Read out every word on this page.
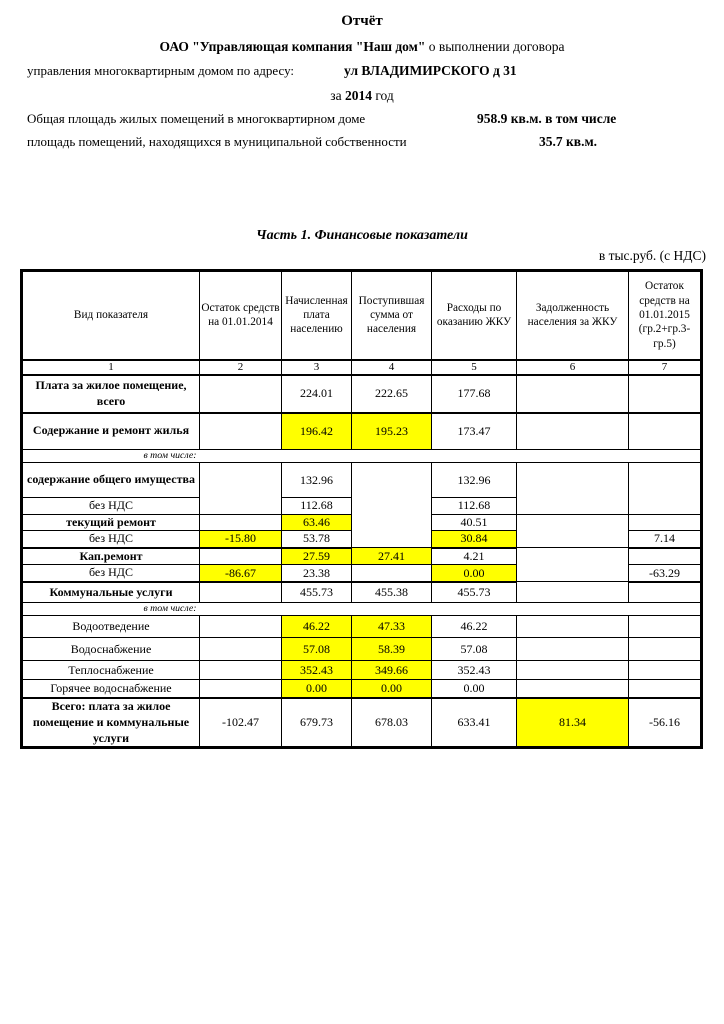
Отчёт
ОАО "Управляющая компания "Наш дом" о выполнении договора
управления многоквартирным домом по адресу:	ул ВЛАДИМИРСКОГО д 31
за 2014 год
Общая площадь жилых помещений в многоквартирном доме	958.9 кв.м. в том числе
площадь помещений, находящихся в муниципальной собственности	35.7 кв.м.
Часть 1. Финансовые показатели
в тыс.руб. (с НДС)
Вид показателя	Остаток средств на 01.01.2014	Начисленная плата населению	Поступившая сумма от населения	Расходы по оказанию ЖКУ	Задолженность населения за ЖКУ	Остаток средств на 01.01.2015 (гр.2+гр.3-гр.5)
1	2	3	4	5	6	7
Плата за жилое помещение, всего		224.01	222.65	177.68		
Содержание и ремонт жилья		196.42	195.23	173.47		
в том числе:						
содержание общего имущества		132.96		132.96		
без НДС		112.68		112.68		
текущий ремонт		63.46		40.51		
без НДС	-15.80	53.78		30.84		7.14
Кап.ремонт		27.59	27.41	4.21		
без НДС	-86.67	23.38		0.00		-63.29
Коммунальные услуги		455.73	455.38	455.73		
в том числе:						
Водоотведение		46.22	47.33	46.22		
Водоснабжение		57.08	58.39	57.08		
Теплоснабжение		352.43	349.66	352.43		
Горячее водоснабжение		0.00	0.00	0.00		
Всего: плата за жилое помещение и коммунальные услуги	-102.47	679.73	678.03	633.41	81.34	-56.16
